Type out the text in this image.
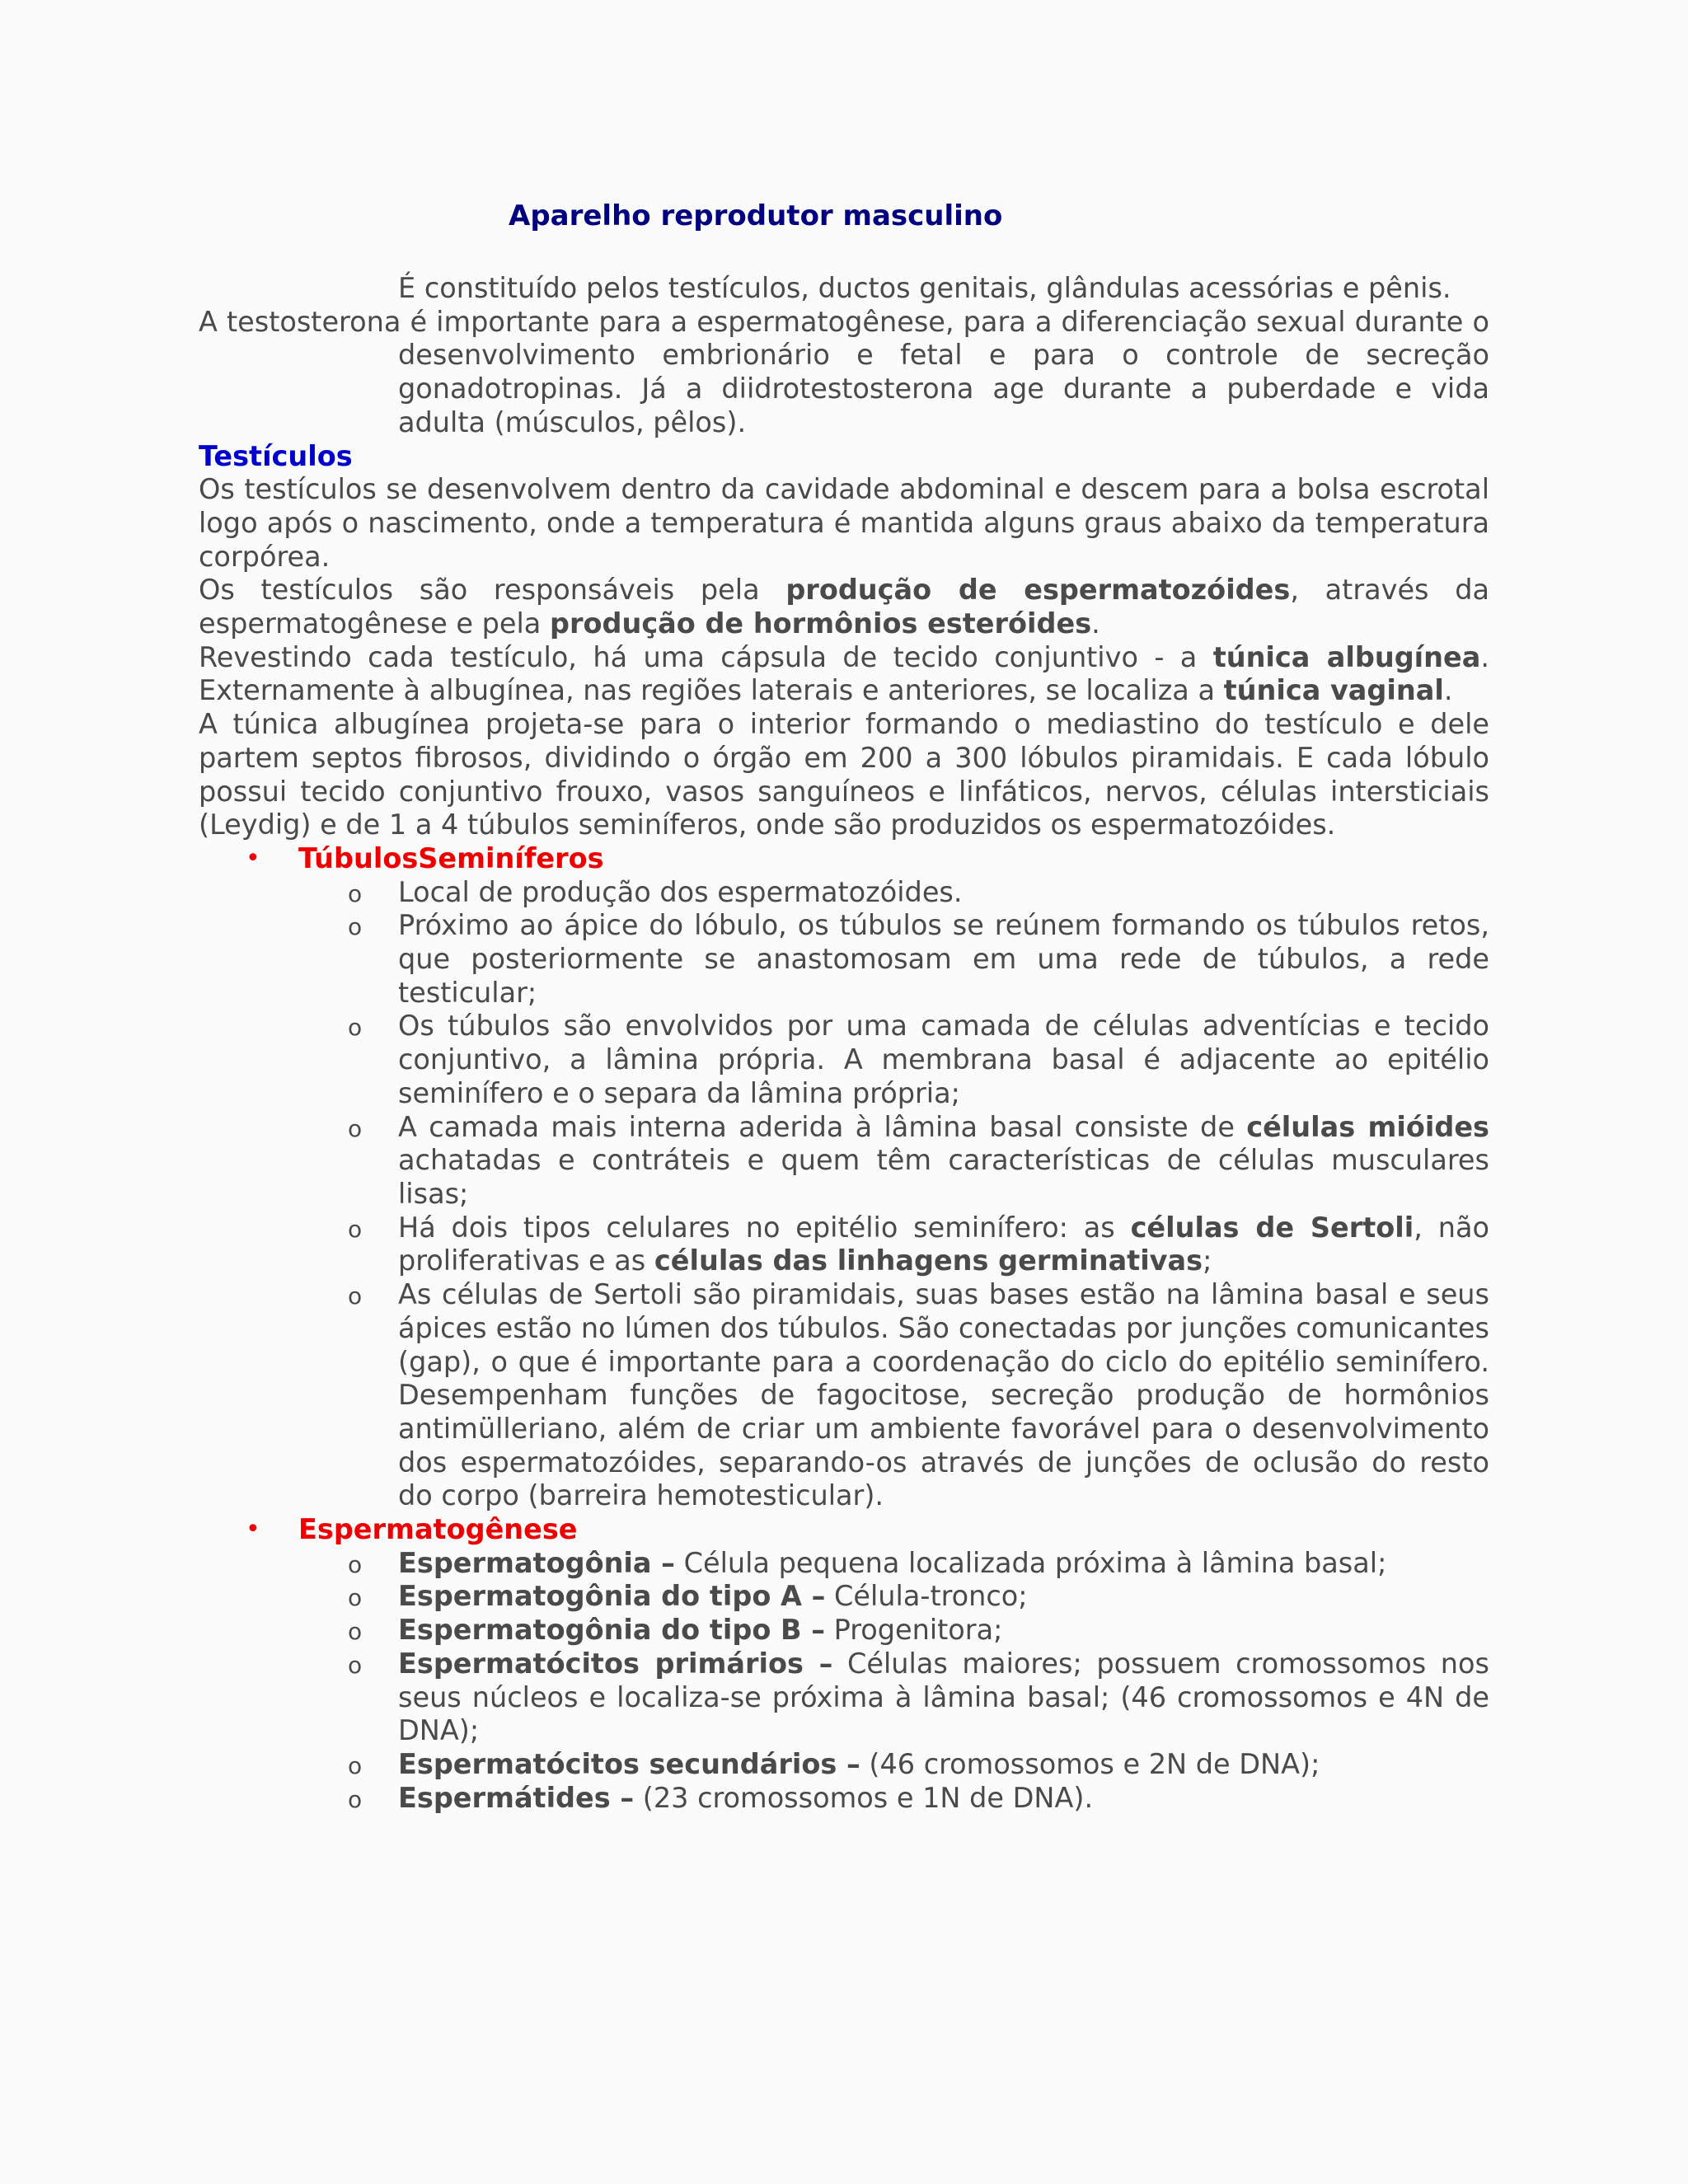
Aparelho reprodutor masculino

É constituído pelos testículos, ductos genitais, glândulas acessórias e pênis.

A testosterona é importante para a espermatogênese, para a diferenciação sexual durante o desenvolvimento embrionário e fetal e para o controle de secreção gonadotropinas. Já a diidrotestosterona age durante a puberdade e vida adulta (músculos, pêlos).

Testículos

Os testículos se desenvolvem dentro da cavidade abdominal e descem para a bolsa escrotal logo após o nascimento, onde a temperatura é mantida alguns graus abaixo da temperatura corpórea.

Os testículos são responsáveis pela produção de espermatozóides, através da espermatogênese e pela produção de hormônios esteróides.

Revestindo cada testículo, há uma cápsula de tecido conjuntivo - a túnica albugínea. Externamente à albugínea, nas regiões laterais e anteriores, se localiza a túnica vaginal.

A túnica albugínea projeta-se para o interior formando o mediastino do testículo e dele partem septos fibrosos, dividindo o órgão em 200 a 300 lóbulos piramidais. E cada lóbulo possui tecido conjuntivo frouxo, vasos sanguíneos e linfáticos, nervos, células intersticiais (Leydig) e de 1 a 4 túbulos seminíferos, onde são produzidos os espermatozóides.

• TúbulosSeminíferos
o Local de produção dos espermatozóides.
o Próximo ao ápice do lóbulo, os túbulos se reúnem formando os túbulos retos, que posteriormente se anastomosam em uma rede de túbulos, a rede testicular;
o Os túbulos são envolvidos por uma camada de células adventícias e tecido conjuntivo, a lâmina própria. A membrana basal é adjacente ao epitélio seminífero e o separa da lâmina própria;
o A camada mais interna aderida à lâmina basal consiste de células mióides achatadas e contráteis e quem têm características de células musculares lisas;
o Há dois tipos celulares no epitélio seminífero: as células de Sertoli, não proliferativas e as células das linhagens germinativas;
o As células de Sertoli são piramidais, suas bases estão na lâmina basal e seus ápices estão no lúmen dos túbulos. São conectadas por junções comunicantes (gap), o que é importante para a coordenação do ciclo do epitélio seminífero. Desempenham funções de fagocitose, secreção produção de hormônios antimülleriano, além de criar um ambiente favorável para o desenvolvimento dos espermatozóides, separando-os através de junções de oclusão do resto do corpo (barreira hemotesticular).
• Espermatogênese
o Espermatogônia – Célula pequena localizada próxima à lâmina basal;
o Espermatogônia do tipo A – Célula-tronco;
o Espermatogônia do tipo B – Progenitora;
o Espermatócitos primários – Células maiores; possuem cromossomos nos seus núcleos e localiza-se próxima à lâmina basal; (46 cromossomos e 4N de DNA);
o Espermatócitos secundários – (46 cromossomos e 2N de DNA);
o Espermátides – (23 cromossomos e 1N de DNA).
